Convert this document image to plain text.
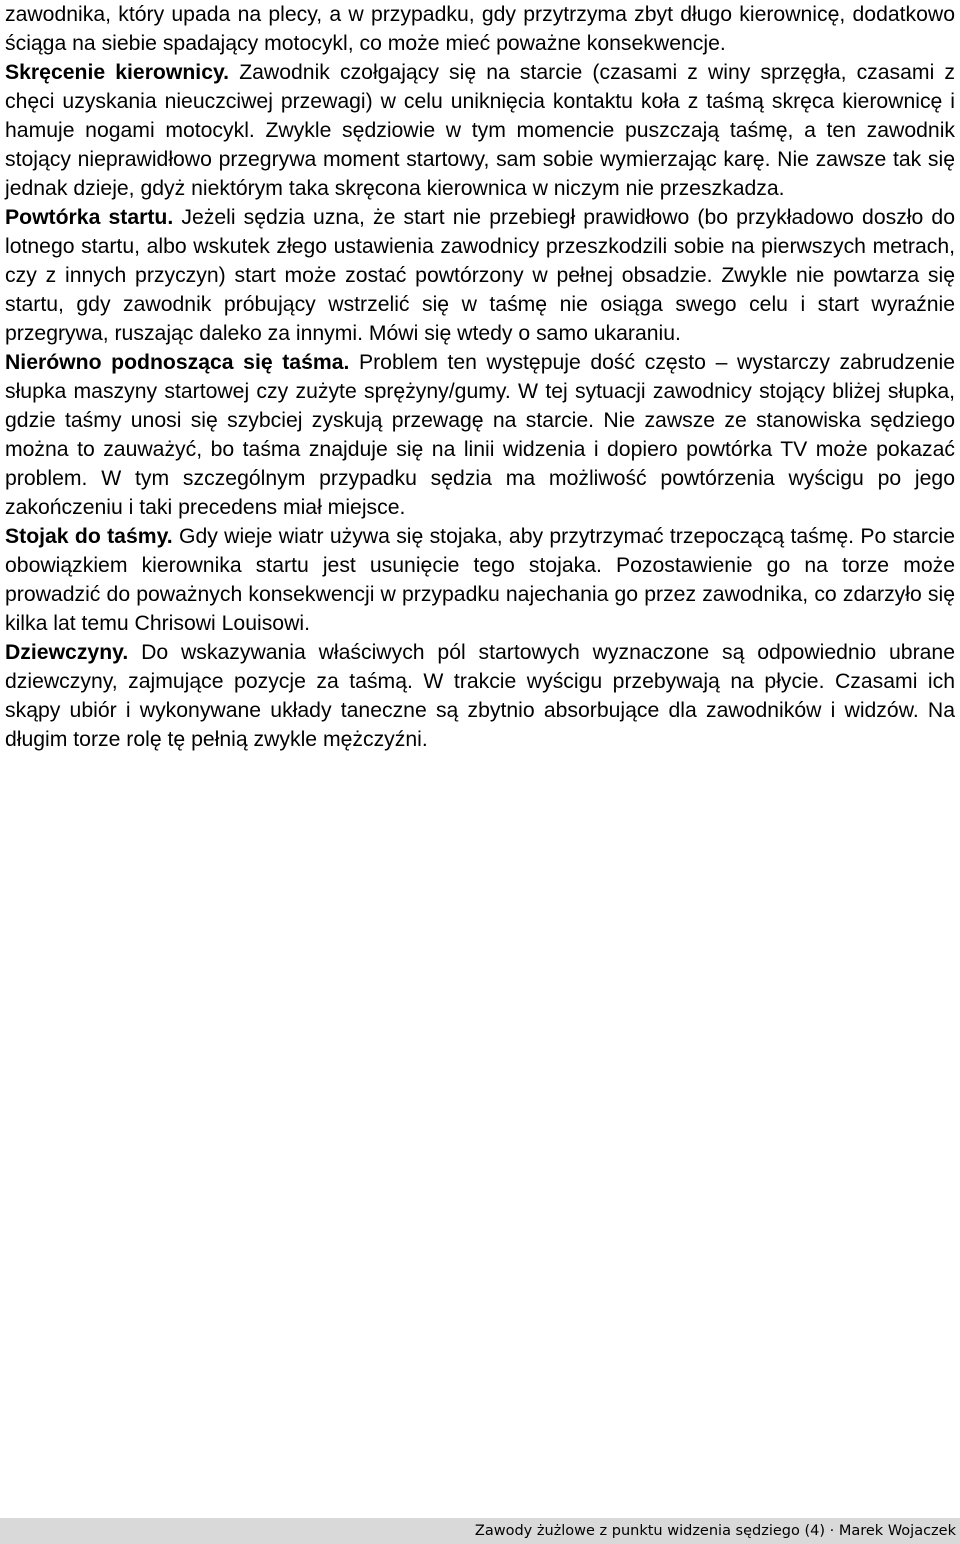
zawodnika, który upada na plecy, a w przypadku, gdy przytrzyma zbyt długo kierownicę, dodatkowo ściąga na siebie spadający motocykl, co może mieć poważne konsekwencje.

Skręcenie kierownicy. Zawodnik czołgający się na starcie (czasami z winy sprzęgła, czasami z chęci uzyskania nieuczciwej przewagi) w celu uniknięcia kontaktu koła z taśmą skręca kierownicę i hamuje nogami motocykl. Zwykle sędziowie w tym momencie puszczają taśmę, a ten zawodnik stojący nieprawidłowo przegrywa moment startowy, sam sobie wymierzając karę. Nie zawsze tak się jednak dzieje, gdyż niektórym taka skręcona kierownica w niczym nie przeszkadza.

Powtórka startu. Jeżeli sędzia uzna, że start nie przebiegł prawidłowo (bo przykładowo doszło do lotnego startu, albo wskutek złego ustawienia zawodnicy przeszkodzili sobie na pierwszych metrach, czy z innych przyczyn) start może zostać powtórzony w pełnej obsadzie. Zwykle nie powtarza się startu, gdy zawodnik próbujący wstrzelić się w taśmę nie osiąga swego celu i start wyraźnie przegrywa, ruszając daleko za innymi. Mówi się wtedy o samo ukaraniu.

Nierówno podnosząca się taśma. Problem ten występuje dość często – wystarczy zabrudzenie słupka maszyny startowej czy zużyte sprężyny/gumy. W tej sytuacji zawodnicy stojący bliżej słupka, gdzie taśmy unosi się szybciej zyskują przewagę na starcie. Nie zawsze ze stanowiska sędziego można to zauważyć, bo taśma znajduje się na linii widzenia i dopiero powtórka TV może pokazać problem. W tym szczególnym przypadku sędzia ma możliwość powtórzenia wyścigu po jego zakończeniu i taki precedens miał miejsce.

Stojak do taśmy. Gdy wieje wiatr używa się stojaka, aby przytrzymać trzepoczącą taśmę. Po starcie obowiązkiem kierownika startu jest usunięcie tego stojaka. Pozostawienie go na torze może prowadzić do poważnych konsekwencji w przypadku najechania go przez zawodnika, co zdarzyło się kilka lat temu Chrisowi Louisowi.

Dziewczyny. Do wskazywania właściwych pól startowych wyznaczone są odpowiednio ubrane dziewczyny, zajmujące pozycje za taśmą. W trakcie wyścigu przebywają na płycie. Czasami ich skąpy ubiór i wykonywane układy taneczne są zbytnio absorbujące dla zawodników i widzów. Na długim torze rolę tę pełnią zwykle mężczyźni.

Zawody żużlowe z punktu widzenia sędziego (4) · Marek Wojaczek
